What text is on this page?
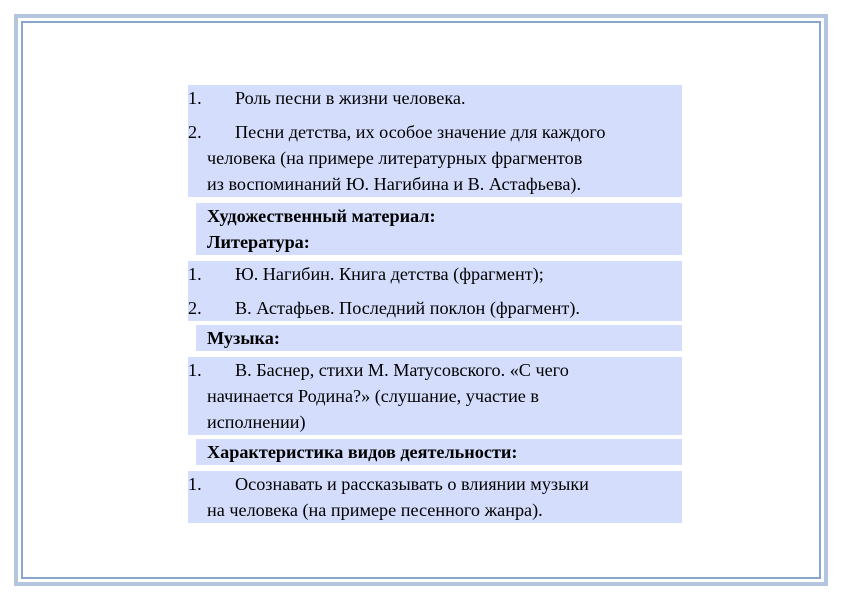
1.	Роль песни в жизни человека.
2.	Песни детства, их особое значение для каждого
человека (на примере литературных фрагментов
из воспоминаний Ю. Нагибина и В. Астафьева).
Художественный материал:
Литература:
1.	Ю. Нагибин. Книга детства (фрагмент);
2.	В. Астафьев. Последний поклон (фрагмент).
Музыка:
1.	В. Баснер, стихи М. Матусовского. «С чего
начинается Родина?» (слушание, участие в
исполнении)
Характеристика видов деятельности:
1.	Осознавать и рассказывать о влиянии музыки
на человека (на примере песенного жанра).
